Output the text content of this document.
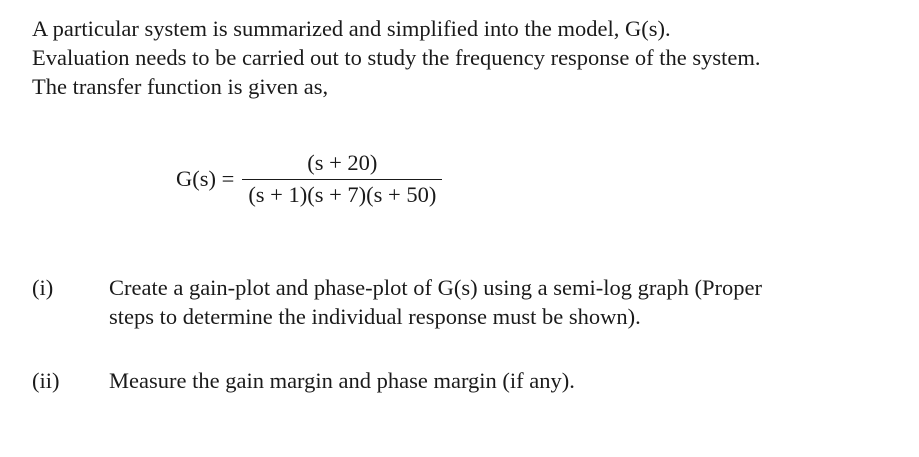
A particular system is summarized and simplified into the model, G(s).
Evaluation needs to be carried out to study the frequency response of the system.
The transfer function is given as,
$G(s) = \frac{(s + 20)}{(s + 1)(s + 7)(s + 50)}$
(i) Create a gain-plot and phase-plot of G(s) using a semi-log graph (Proper
steps to determine the individual response must be shown).
(ii) Measure the gain margin and phase margin (if any).
